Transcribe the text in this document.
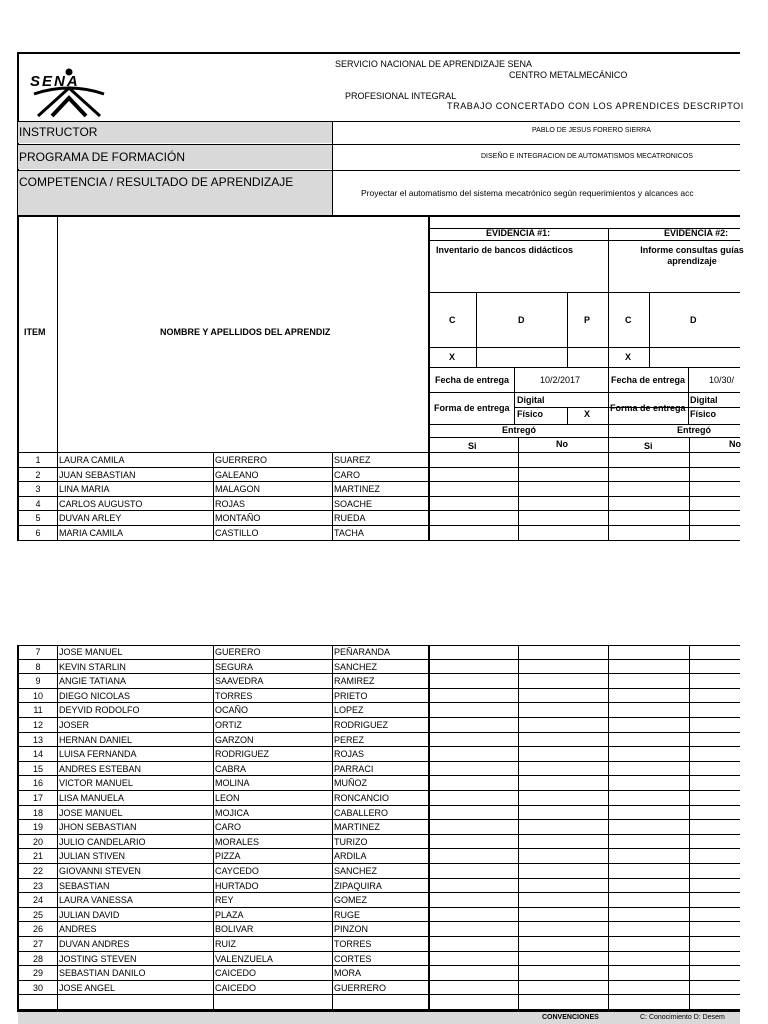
SENA
SERVICIO NACIONAL DE APRENDIZAJE SENA
CENTRO METALMECÁNICO
PROFESIONAL INTEGRAL
TRABAJO CONCERTADO CON LOS APRENDICES DESCRIPTOI
INSTRUCTOR	PABLO DE JESUS FORERO SIERRA
PROGRAMA DE FORMACIÓN	DISEÑO E INTEGRACION DE AUTOMATISMOS MECATRONICOS
COMPETENCIA / RESULTADO DE APRENDIZAJE
Proyectar el automatismo del sistema mecatrónico según requerimientos y alcances acc
ITEM	NOMBRE Y APELLIDOS DEL APRENDIZ
EVIDENCIA #1:
Inventario de bancos didácticos
C	D	P
X
Fecha de entrega	10/2/2017
Forma de entrega
Digital
Físico	X
Entregó
Si	No
EVIDENCIA #2:
Informe consultas guías aprendizaje
C	D
X
Fecha de entrega	10/30/
Forma de entrega
Digital
Físico
Entregó
Si	No
1	LAURA CAMILA	GUERRERO	SUAREZ
2	JUAN SEBASTIAN	GALEANO	CARO
3	LINA MARIA	MALAGON	MARTINEZ
4	CARLOS AUGUSTO	ROJAS	SOACHE
5	DUVAN ARLEY	MONTAÑO	RUEDA
6	MARIA CAMILA	CASTILLO	TACHA
7	JOSE MANUEL	GUERERO	PEÑARANDA
8	KEVIN STARLIN	SEGURA	SANCHEZ
9	ANGIE TATIANA	SAAVEDRA	RAMIREZ
10	DIEGO NICOLAS	TORRES	PRIETO
11	DEYVID RODOLFO	OCAÑO	LOPEZ
12	JOSER	ORTIZ	RODRIGUEZ
13	HERNAN DANIEL	GARZON	PEREZ
14	LUISA FERNANDA	RODRIGUEZ	ROJAS
15	ANDRES ESTEBAN	CABRA	PARRACI
16	VICTOR MANUEL	MOLINA	MUÑOZ
17	LISA MANUELA	LEON	RONCANCIO
18	JOSE MANUEL	MOJICA	CABALLERO
19	JHON SEBASTIAN	CARO	MARTINEZ
20	JULIO CANDELARIO	MORALES	TURIZO
21	JULIAN STIVEN	PIZZA	ARDILA
22	GIOVANNI STEVEN	CAYCEDO	SANCHEZ
23	SEBASTIAN	HURTADO	ZIPAQUIRA
24	LAURA VANESSA	REY	GOMEZ
25	JULIAN DAVID	PLAZA	RUGE
26	ANDRES	BOLIVAR	PINZON
27	DUVAN ANDRES	RUIZ	TORRES
28	JOSTING STEVEN	VALENZUELA	CORTES
29	SEBASTIAN DANILO	CAICEDO	MORA
30	JOSE ANGEL	CAICEDO	GUERRERO
CONVENCIONES	C: Conocimiento D: Desem
